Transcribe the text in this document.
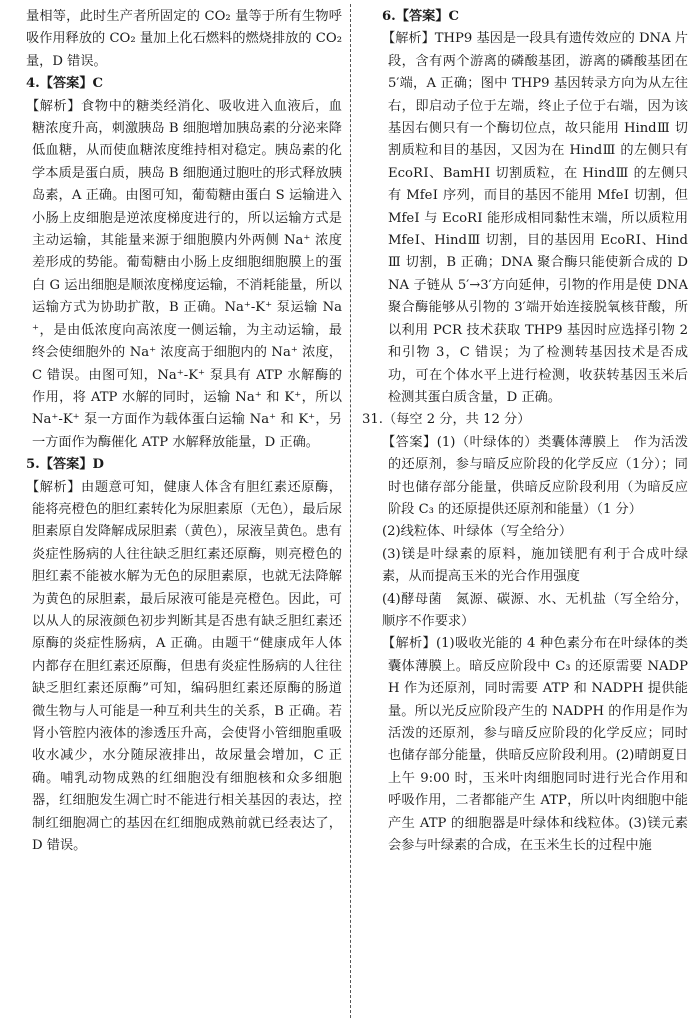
量相等，此时生产者所固定的 CO₂ 量等于所有生物呼吸作用释放的 CO₂ 量加上化石燃料的燃烧排放的 CO₂ 量，D 错误。

4.【答案】C

【解析】食物中的糖类经消化、吸收进入血液后，血糖浓度升高，刺激胰岛 B 细胞增加胰岛素的分泌来降低血糖，从而使血糖浓度维持相对稳定。胰岛素的化学本质是蛋白质，胰岛 B 细胞通过胞吐的形式释放胰岛素，A 正确。由图可知，葡萄糖由蛋白 S 运输进入小肠上皮细胞是逆浓度梯度进行的，所以运输方式是主动运输，其能量来源于细胞膜内外两侧 Na⁺ 浓度差形成的势能。葡萄糖由小肠上皮细胞细胞膜上的蛋白 G 运出细胞是顺浓度梯度运输，不消耗能量，所以运输方式为协助扩散，B 正确。Na⁺-K⁺ 泵运输 Na⁺，是由低浓度向高浓度一侧运输，为主动运输，最终会使细胞外的 Na⁺ 浓度高于细胞内的 Na⁺ 浓度，C 错误。由图可知，Na⁺-K⁺ 泵具有 ATP 水解酶的作用，将 ATP 水解的同时，运输 Na⁺ 和 K⁺，所以 Na⁺-K⁺ 泵一方面作为载体蛋白运输 Na⁺ 和 K⁺，另一方面作为酶催化 ATP 水解释放能量，D 正确。

5.【答案】D

【解析】由题意可知，健康人体含有胆红素还原酶，能将亮橙色的胆红素转化为尿胆素原（无色），最后尿胆素原自发降解成尿胆素（黄色），尿液呈黄色。患有炎症性肠病的人往往缺乏胆红素还原酶，则亮橙色的胆红素不能被水解为无色的尿胆素原，也就无法降解为黄色的尿胆素，最后尿液可能是亮橙色。因此，可以从人的尿液颜色初步判断其是否患有缺乏胆红素还原酶的炎症性肠病，A 正确。由题干“健康成年人体内都存在胆红素还原酶，但患有炎症性肠病的人往往缺乏胆红素还原酶”可知，编码胆红素还原酶的肠道微生物与人可能是一种互利共生的关系，B 正确。若肾小管腔内液体的渗透压升高，会使肾小管细胞重吸收水减少，水分随尿液排出，故尿量会增加，C 正确。哺乳动物成熟的红细胞没有细胞核和众多细胞器，红细胞发生凋亡时不能进行相关基因的表达，控制红细胞凋亡的基因在红细胞成熟前就已经表达了，D 错误。

6.【答案】C

【解析】THP9 基因是一段具有遗传效应的 DNA 片段，含有两个游离的磷酸基团，游离的磷酸基团在 5′端，A 正确；图中 THP9 基因转录方向为从左往右，即启动子位于左端，终止子位于右端，因为该基因右侧只有一个酶切位点，故只能用 HindⅢ 切割质粒和目的基因，又因为在 HindⅢ 的左侧只有 EcoRⅠ、BamHⅠ 切割质粒，在 HindⅢ 的左侧只有 MfeⅠ 序列，而目的基因不能用 MfeⅠ 切割，但 MfeⅠ 与 EcoRⅠ 能形成相同黏性末端，所以质粒用 MfeⅠ、HindⅢ 切割，目的基因用 EcoRⅠ、HindⅢ 切割，B 正确；DNA 聚合酶只能使新合成的 DNA 子链从 5′→3′方向延伸，引物的作用是使 DNA 聚合酶能够从引物的 3′端开始连接脱氧核苷酸，所以利用 PCR 技术获取 THP9 基因时应选择引物 2 和引物 3，C 错误；为了检测转基因技术是否成功，可在个体水平上进行检测，收获转基因玉米后检测其蛋白质含量，D 正确。

31.（每空 2 分，共 12 分）

【答案】(1)（叶绿体的）类囊体薄膜上　作为活泼的还原剂，参与暗反应阶段的化学反应（1分）；同时也储存部分能量，供暗反应阶段利用（为暗反应阶段 C₃ 的还原提供还原剂和能量）（1 分）

(2)线粒体、叶绿体（写全给分）

(3)镁是叶绿素的原料，施加镁肥有利于合成叶绿素，从而提高玉米的光合作用强度

(4)酵母菌　氮源、碳源、水、无机盐（写全给分，顺序不作要求）

【解析】(1)吸收光能的 4 种色素分布在叶绿体的类囊体薄膜上。暗反应阶段中 C₃ 的还原需要 NADPH 作为还原剂，同时需要 ATP 和 NADPH 提供能量。所以光反应阶段产生的 NADPH 的作用是作为活泼的还原剂，参与暗反应阶段的化学反应；同时也储存部分能量，供暗反应阶段利用。(2)晴朗夏日上午 9:00 时，玉米叶肉细胞同时进行光合作用和呼吸作用，二者都能产生 ATP，所以叶肉细胞中能产生 ATP 的细胞器是叶绿体和线粒体。(3)镁元素会参与叶绿素的合成，在玉米生长的过程中施
